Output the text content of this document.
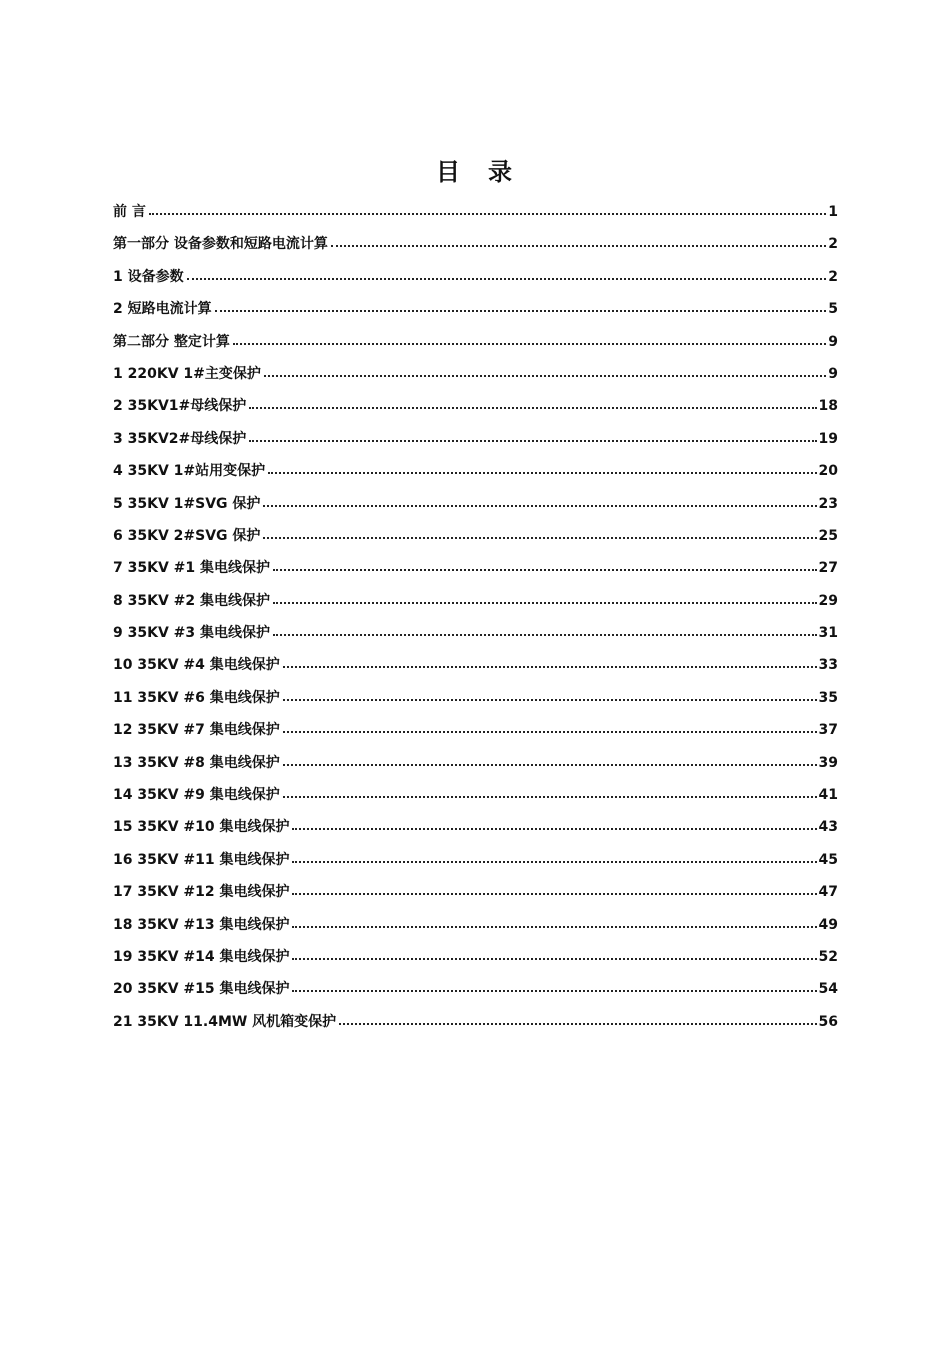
目　录
前 言	1
第一部分 设备参数和短路电流计算	2
1 设备参数	2
2 短路电流计算	5
第二部分 整定计算	9
1 220KV 1#主变保护	9
2 35KV1#母线保护	18
3 35KV2#母线保护	19
4 35KV 1#站用变保护	20
5 35KV 1#SVG 保护	23
6 35KV 2#SVG 保护	25
7 35KV #1 集电线保护	27
8 35KV #2 集电线保护	29
9 35KV #3 集电线保护	31
10 35KV #4 集电线保护	33
11 35KV #6 集电线保护	35
12 35KV #7 集电线保护	37
13 35KV #8 集电线保护	39
14 35KV #9 集电线保护	41
15 35KV #10 集电线保护	43
16 35KV #11 集电线保护	45
17 35KV #12 集电线保护	47
18 35KV #13 集电线保护	49
19 35KV #14 集电线保护	52
20 35KV #15 集电线保护	54
21 35KV 11.4MW 风机箱变保护	56
